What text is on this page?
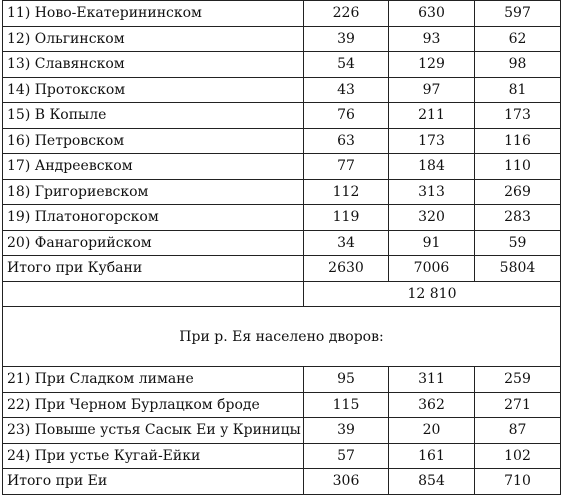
11) Ново-Екатерининском	226	630	597
12) Ольгинском	39	93	62
13) Славянском	54	129	98
14) Протокском	43	97	81
15) В Копыле	76	211	173
16) Петровском	63	173	116
17) Андреевском	77	184	110
18) Григориевском	112	313	269
19) Платоногорском	119	320	283
20) Фанагорийском	34	91	59
Итого при Кубани	2630	7006	5804
	12 810		
При р. Ея населено дворов:			
21) При Сладком лимане	95	311	259
22) При Черном Бурлацком броде	115	362	271
23) Повыше устья Сасык Еи у Криницы	39	20	87
24) При устье Кугай-Ейки	57	161	102
Итого при Еи	306	854	710
